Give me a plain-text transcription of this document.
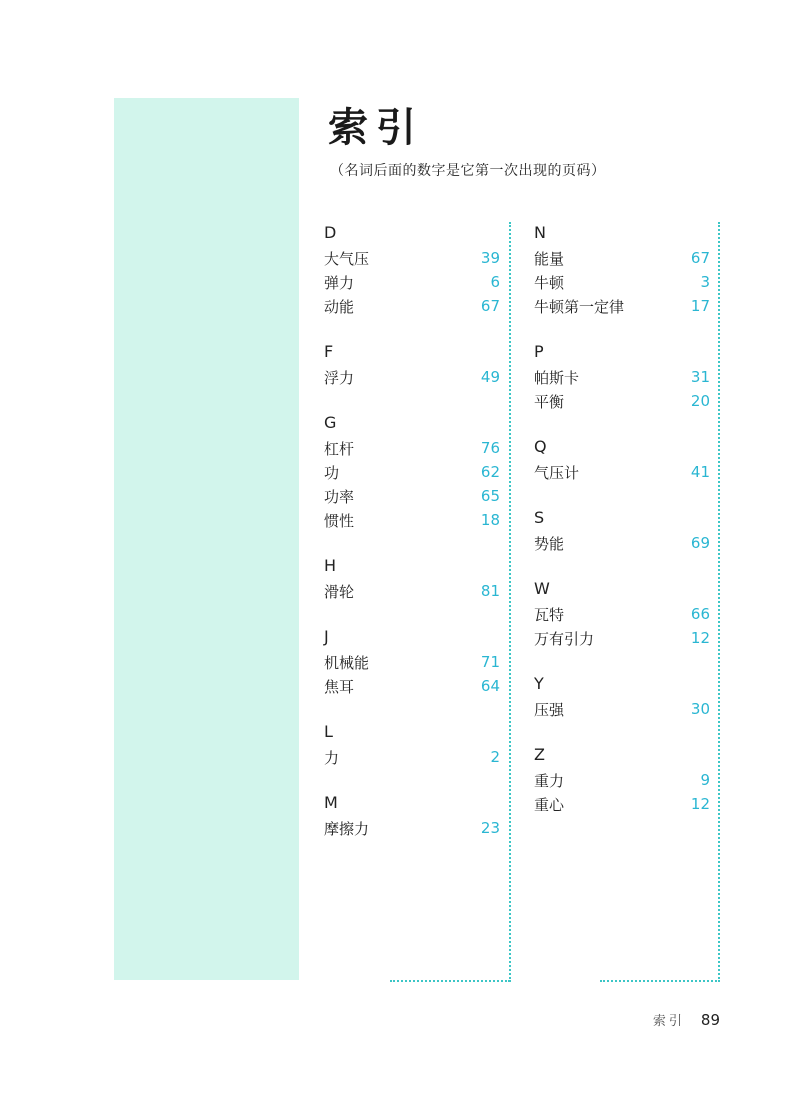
索引
（名词后面的数字是它第一次出现的页码）
D
大气压	39
弹力	6
动能	67
F
浮力	49
G
杠杆	76
功	62
功率	65
惯性	18
H
滑轮	81
J
机械能	71
焦耳	64
L
力	2
M
摩擦力	23
N
能量	67
牛顿	3
牛顿第一定律	17
P
帕斯卡	31
平衡	20
Q
气压计	41
S
势能	69
W
瓦特	66
万有引力	12
Y
压强	30
Z
重力	9
重心	12
索引 89
